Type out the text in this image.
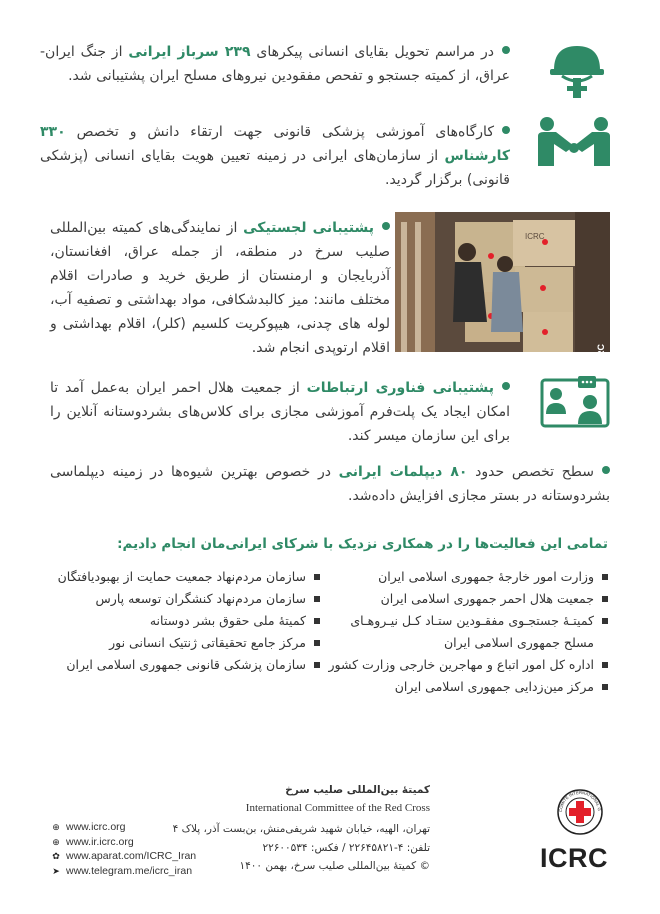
در مراسم تحویل بقایای انسانی پیکرهای ۲۳۹ سرباز ایرانی از جنگ ایران-عراق، از کمیته جستجو و تفحص مفقودین نیروهای مسلح ایران پشتیبانی شد.
کارگاه‌های آموزشی پزشکی قانونی جهت ارتقاء دانش و تخصص ۳۳۰ کارشناس از سازمان‌های ایرانی در زمینه تعیین هویت بقایای انسانی (پزشکی قانونی) برگزار گردید.
پشتیبانی لجستیکی از نمایندگی‌های کمیته بین‌المللی صلیب سرخ در منطقه، از جمله عراق، افغانستان، آذربایجان و ارمنستان از طریق خرید و صادرات اقلام مختلف مانند: میز کالبدشکافی، مواد بهداشتی و تصفیه آب، لوله های چدنی، هیپوکریت کلسیم (کلر)، اقلام بهداشتی و اقلام ارتوپدی انجام شد.	ICRC
ICRC
پشتیبانی فناوری ارتباطات از جمعیت هلال احمر ایران به‌عمل آمد تا امکان ایجاد یک پلت‌فرم آموزشی مجازی برای کلاس‌های بشردوستانه آنلاین را برای این سازمان میسر کند.
سطح تخصص حدود ۸۰ دیپلمات ایرانی در خصوص بهترین شیوه‌ها در زمینه دیپلماسی بشردوستانه در بستر مجازی افزایش داده‌شد.
تمامی این فعالیت‌ها را در همکاری نزدیک با شرکای ایرانی‌مان انجام دادیم:
وزارت امور خارجهٔ جمهوری اسلامی ایران
جمعیت هلال احمر جمهوری اسلامی ایران
کمیتـهٔ جستجـوی مفقـودین ستـاد کـل نیـروهـای
مسلح جمهوری اسلامی ایران
اداره کل امور اتباع و مهاجرین خارجی وزارت کشور
مرکز مین‌زدایی جمهوری اسلامی ایران
سازمان مردم‌نهاد جمعیت حمایت از بهبودیافتگان
سازمان مردم‌نهاد کنشگران توسعه پارس
کمیتهٔ ملی حقوق بشر دوستانه
مرکز جامع تحقیقاتی ژنتیک انسانی نور
سازمان پزشکی قانونی جمهوری اسلامی ایران
کمیتهٔ بین‌المللی صلیب سرخ
International Committee of the Red Cross
تهران، الهیه، خیابان شهید شریفی‌منش، بن‌بست آذر، پلاک ۴
تلفن: ۴-۲۲۶۴۵۸۲۱ / فکس: ۲۲۶۰۰۵۳۴
© کمیتهٔ بین‌المللی صلیب سرخ، بهمن ۱۴۰۰
⊕ www.icrc.org
⊕ www.ir.icrc.org
✿ www.aparat.com/ICRC_Iran
➤ www.telegram.me/icrc_iran
COMITE INTERNATIONAL G
ICRC
